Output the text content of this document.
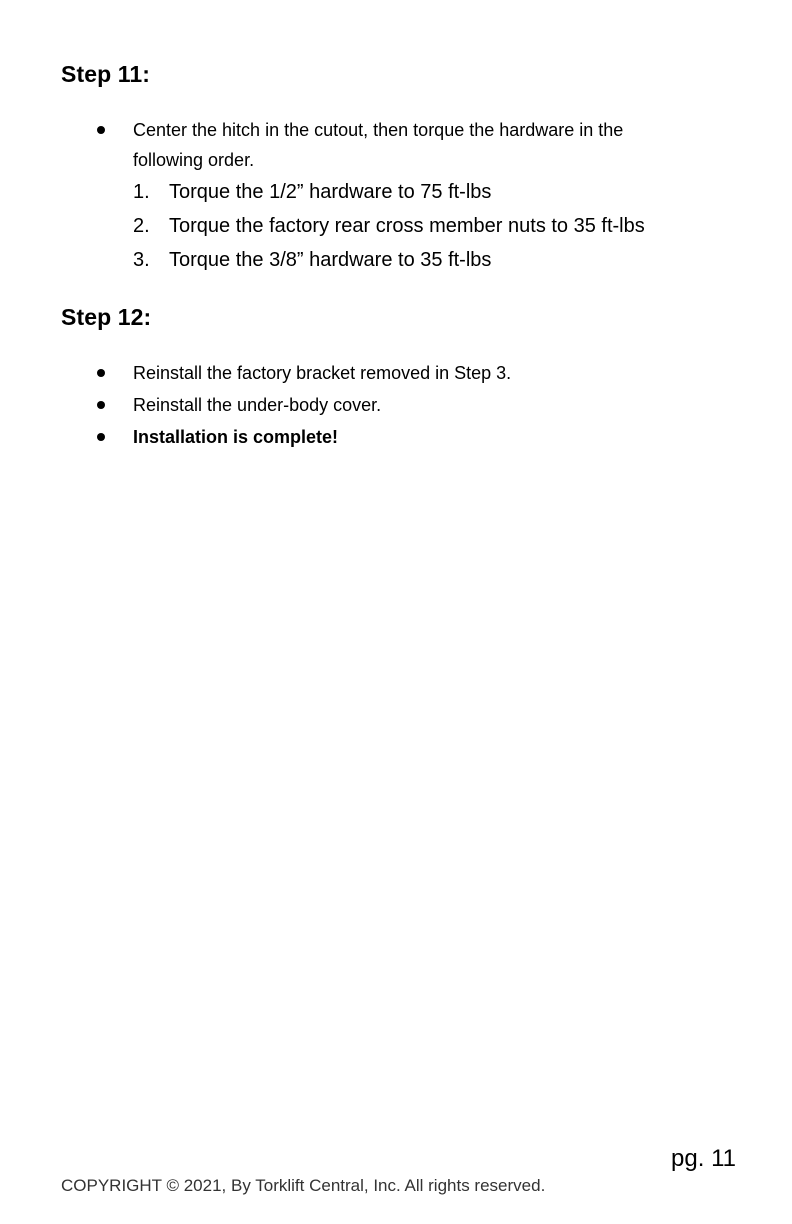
Step 11:
Center the hitch in the cutout, then torque the hardware in the
following order.
1. Torque the 1/2” hardware to 75 ft-lbs
2. Torque the factory rear cross member nuts to 35 ft-lbs
3. Torque the 3/8” hardware to 35 ft-lbs
Step 12:
Reinstall the factory bracket removed in Step 3.
Reinstall the under-body cover.
Installation is complete!
pg. 11
COPYRIGHT © 2021, By Torklift Central, Inc. All rights reserved.
